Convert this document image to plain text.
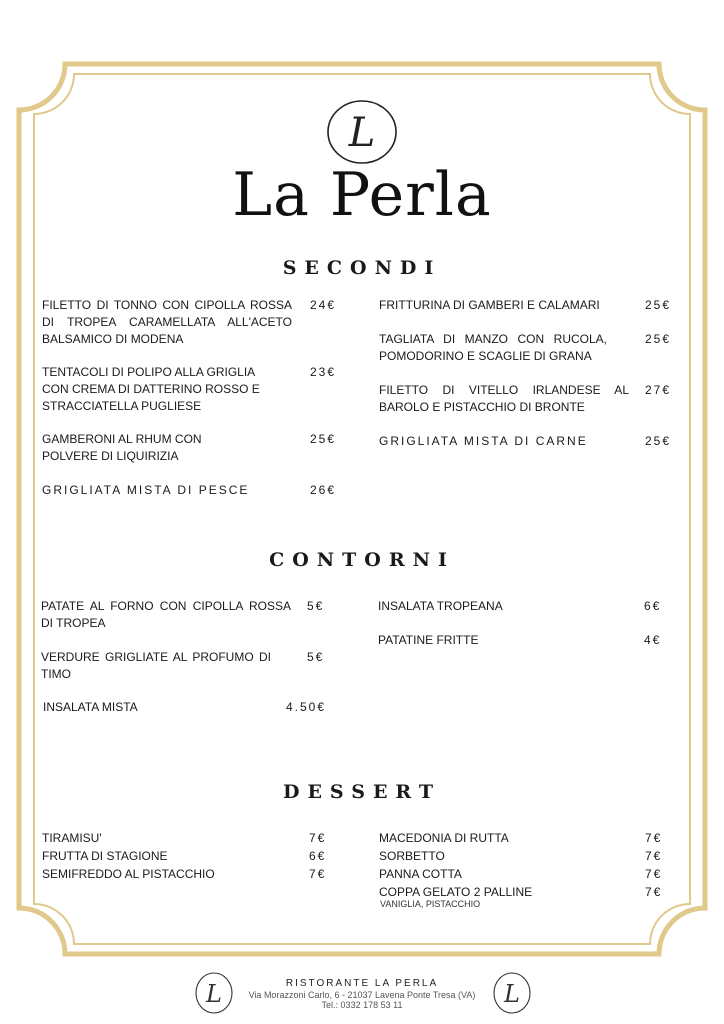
L
La Perla
SECONDI
FILETTO DI TONNO CON CIPOLLA ROSSA DI TROPEA CARAMELLATA ALL'ACETO BALSAMICO DI MODENA
24€
TENTACOLI DI POLIPO ALLA GRIGLIA CON CREMA DI DATTERINO ROSSO E STRACCIATELLA PUGLIESE
23€
GAMBERONI AL RHUM CON POLVERE DI LIQUIRIZIA
25€
GRIGLIATA MISTA DI PESCE	26€
FRITTURINA DI GAMBERI E CALAMARI	25€
TAGLIATA DI MANZO CON RUCOLA, POMODORINO E SCAGLIE DI GRANA
25€
FILETTO DI VITELLO IRLANDESE AL BAROLO E PISTACCHIO DI BRONTE
27€
GRIGLIATA MISTA DI CARNE	25€
CONTORNI
PATATE AL FORNO CON CIPOLLA ROSSA DI TROPEA
5€
VERDURE GRIGLIATE AL PROFUMO DI TIMO
5€
INSALATA MISTA	4.50€
INSALATA TROPEANA	6€
PATATINE FRITTE	4€
DESSERT
TIRAMISU'	7€
FRUTTA DI STAGIONE	6€
SEMIFREDDO AL PISTACCHIO	7€
MACEDONIA DI RUTTA	7€
SORBETTO	7€
PANNA COTTA	7€
COPPA GELATO 2 PALLINE	7€
VANIGLIA, PISTACCHIO
L	L
RISTORANTE LA PERLA
Via Morazzoni Carlo, 6 - 21037 Lavena Ponte Tresa (VA)
Tel.: 0332 178 53 11
